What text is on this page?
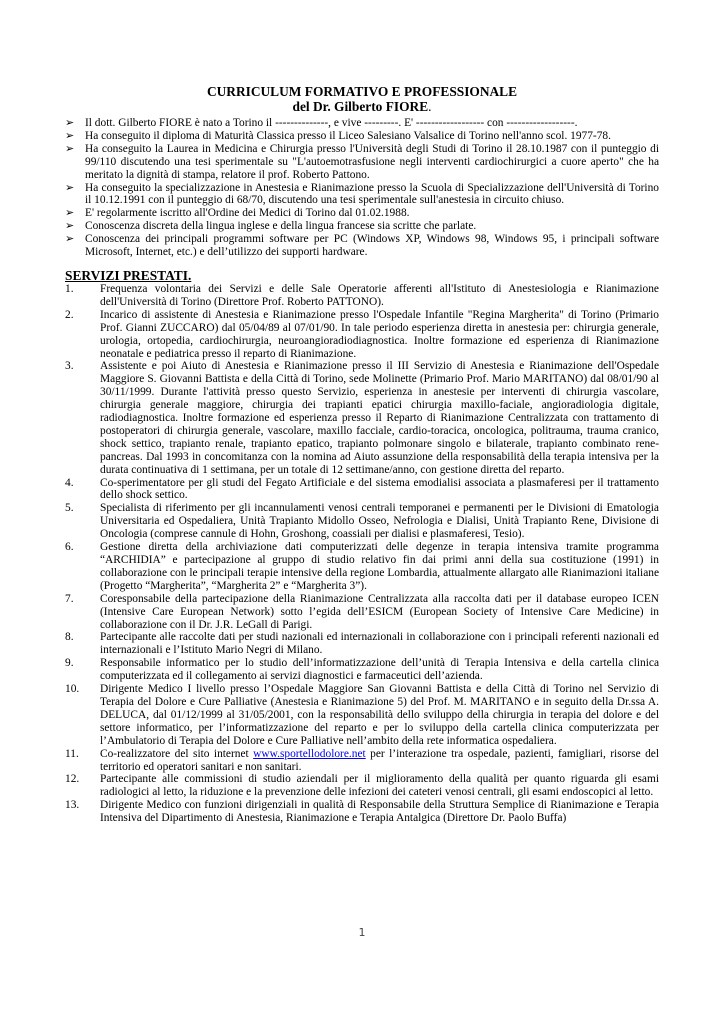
CURRICULUM FORMATIVO E PROFESSIONALE
del Dr. Gilberto FIORE.
➢ Il dott. Gilberto FIORE è nato a Torino il --------------, e vive ---------. E' ------------------ con ------------------.
➢ Ha conseguito il diploma di Maturità Classica presso il Liceo Salesiano Valsalice di Torino nell'anno scol. 1977-78.
➢ Ha conseguito la Laurea in Medicina e Chirurgia presso l'Università degli Studi di Torino il 28.10.1987 con il punteggio di 99/110 discutendo una tesi sperimentale su "L'autoemotrasfusione negli interventi cardiochirurgici a cuore aperto" che ha meritato la dignità di stampa, relatore il prof. Roberto Pattono.
➢ Ha conseguito la specializzazione in Anestesia e Rianimazione presso la Scuola di Specializzazione dell'Università di Torino il 10.12.1991 con il punteggio di 68/70, discutendo una tesi sperimentale sull'anestesia in circuito chiuso.
➢ E' regolarmente iscritto all'Ordine dei Medici di Torino dal 01.02.1988.
➢ Conoscenza discreta della lingua inglese e della lingua francese sia scritte che parlate.
➢ Conoscenza dei principali programmi software per PC (Windows XP, Windows 98, Windows 95, i principali software Microsoft, Internet, etc.) e dell’utilizzo dei supporti hardware.
SERVIZI PRESTATI.
1. Frequenza volontaria dei Servizi e delle Sale Operatorie afferenti all'Istituto di Anestesiologia e Rianimazione dell'Università di Torino (Direttore Prof. Roberto PATTONO).
2. Incarico di assistente di Anestesia e Rianimazione presso l'Ospedale Infantile "Regina Margherita" di Torino (Primario Prof. Gianni ZUCCARO) dal 05/04/89 al 07/01/90. In tale periodo esperienza diretta in anestesia per: chirurgia generale, urologia, ortopedia, cardiochirurgia, neuroangioradiodiagnostica. Inoltre formazione ed esperienza di Rianimazione neonatale e pediatrica presso il reparto di Rianimazione.
3. Assistente e poi Aiuto di Anestesia e Rianimazione presso il III Servizio di Anestesia e Rianimazione dell'Ospedale Maggiore S. Giovanni Battista e della Città di Torino, sede Molinette (Primario Prof. Mario MARITANO) dal 08/01/90 al 30/11/1999. Durante l'attività presso questo Servizio, esperienza in anestesie per interventi di chirurgia vascolare, chirurgia generale maggiore, chirurgia dei trapianti epatici chirurgia maxillo-faciale, angioradiologia digitale, radiodiagnostica. Inoltre formazione ed esperienza presso il Reparto di Rianimazione Centralizzata con trattamento di postoperatori di chirurgia generale, vascolare, maxillo facciale, cardio-toracica, oncologica, politrauma, trauma cranico, shock settico, trapianto renale, trapianto epatico, trapianto polmonare singolo e bilaterale, trapianto combinato rene-pancreas. Dal 1993 in concomitanza con la nomina ad Aiuto assunzione della responsabilità della terapia intensiva per la durata continuativa di 1 settimana, per un totale di 12 settimane/anno, con gestione diretta del reparto.
4. Co-sperimentatore per gli studi del Fegato Artificiale e del sistema emodialisi associata a plasmaferesi per il trattamento dello shock settico.
5. Specialista di riferimento per gli incannulamenti venosi centrali temporanei e permanenti per le Divisioni di Ematologia Universitaria ed Ospedaliera, Unità Trapianto Midollo Osseo, Nefrologia e Dialisi, Unità Trapianto Rene, Divisione di Oncologia (comprese cannule di Hohn, Groshong, coassiali per dialisi e plasmaferesi, Tesio).
6. Gestione diretta della archiviazione dati computerizzati delle degenze in terapia intensiva tramite programma “ARCHIDIA” e partecipazione al gruppo di studio relativo fin dai primi anni della sua costituzione (1991) in collaborazione con le principali terapie intensive della regione Lombardia, attualmente allargato alle Rianimazioni italiane (Progetto “Margherita”, “Margherita 2” e “Margherita 3”).
7. Coresponsabile della partecipazione della Rianimazione Centralizzata alla raccolta dati per il database europeo ICEN (Intensive Care European Network) sotto l’egida dell’ESICM (European Society of Intensive Care Medicine) in collaborazione con il Dr. J.R. LeGall di Parigi.
8. Partecipante alle raccolte dati per studi nazionali ed internazionali in collaborazione con i principali referenti nazionali ed internazionali e l’Istituto Mario Negri di Milano.
9. Responsabile informatico per lo studio dell’informatizzazione dell’unità di Terapia Intensiva e della cartella clinica computerizzata ed il collegamento ai servizi diagnostici e farmaceutici dell’azienda.
10. Dirigente Medico I livello presso l’Ospedale Maggiore San Giovanni Battista e della Città di Torino nel Servizio di Terapia del Dolore e Cure Palliative (Anestesia e Rianimazione 5) del Prof. M. MARITANO e in seguito della Dr.ssa A. DELUCA, dal 01/12/1999 al 31/05/2001, con la responsabilità dello sviluppo della chirurgia in terapia del dolore e del settore informatico, per l’informatizzazione del reparto e per lo sviluppo della cartella clinica computerizzata per l’Ambulatorio di Terapia del Dolore e Cure Palliative nell’ambito della rete informatica ospedaliera.
11. Co-realizzatore del sito internet www.sportellodolore.net per l’interazione tra ospedale, pazienti, famigliari, risorse del territorio ed operatori sanitari e non sanitari.
12. Partecipante alle commissioni di studio aziendali per il miglioramento della qualità per quanto riguarda gli esami radiologici al letto, la riduzione e la prevenzione delle infezioni dei cateteri venosi centrali, gli esami endoscopici al letto.
13. Dirigente Medico con funzioni dirigenziali in qualità di Responsabile della Struttura Semplice di Rianimazione e Terapia Intensiva del Dipartimento di Anestesia, Rianimazione e Terapia Antalgica (Direttore Dr. Paolo Buffa)
1
